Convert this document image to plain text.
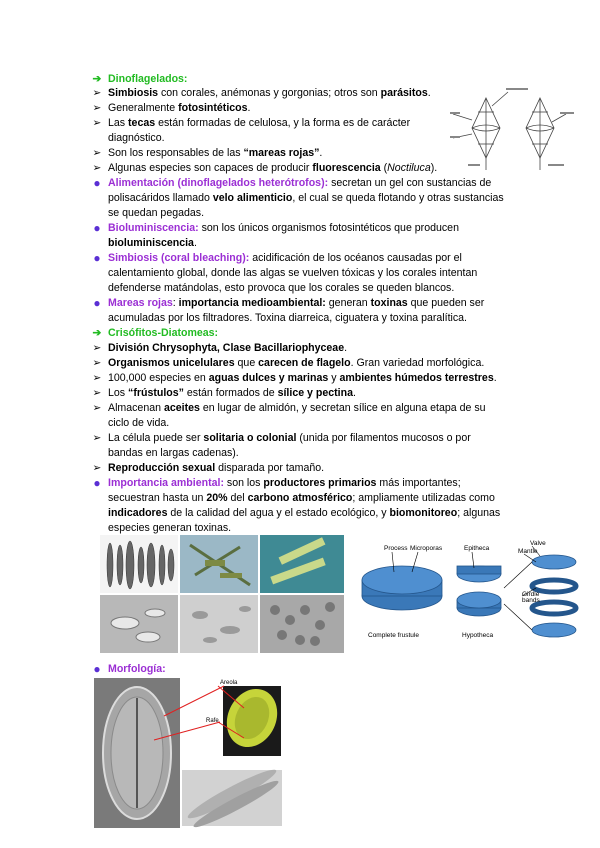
➔ Dinoflagelados:
➢ Simbiosis con corales, anémonas y gorgonias; otros son parásitos.
➢ Generalmente fotosintéticos.
➢ Las tecas están formadas de celulosa, y la forma es de carácter
diagnóstico.
➢ Son los responsables de las “mareas rojas”.
➢ Algunas especies son capaces de producir fluorescencia (Noctiluca).
● Alimentación (dinoflagelados heterótrofos): secretan un gel con sustancias de
polisacáridos llamado velo alimenticio, el cual se queda flotando y otras sustancias
se quedan pegadas.
● Bioluminiscencia: son los únicos organismos fotosintéticos que producen
bioluminiscencia.
● Simbiosis (coral bleaching): acidificación de los océanos causadas por el
calentamiento global, donde las algas se vuelven tóxicas y los corales intentan
defenderse matándolas, esto provoca que los corales se queden blancos.
● Mareas rojas: importancia medioambiental: generan toxinas que pueden ser
acumuladas por los filtradores. Toxina diarreica, ciguatera y toxina paralítica.
➔ Crisófitos-Diatomeas:
➢ División Chrysophyta, Clase Bacillariophyceae.
➢ Organismos unicelulares que carecen de flagelo. Gran variedad morfológica.
➢ 100,000 especies en aguas dulces y marinas y ambientes húmedos terrestres.
➢ Los “frústulos” están formados de sílice y pectina.
➢ Almacenan aceites en lugar de almidón, y secretan sílice en alguna etapa de su
ciclo de vida.
➢ La célula puede ser solitaria o colonial (unida por filamentos mucosos o por
bandas en largas cadenas).
➢ Reproducción sexual disparada por tamaño.
● Importancia ambiental: son los productores primarios más importantes;
secuestran hasta un 20% del carbono atmosférico; ampliamente utilizadas como
indicadores de la calidad del agua y el estado ecológico, y biomonitoreo; algunas
especies generan toxinas.
Process Microporas	Epitheca
Valve
Mantle
Girdle
bands
Complete frustule	Hypotheca
● Morfología:
Areola
Rafe
